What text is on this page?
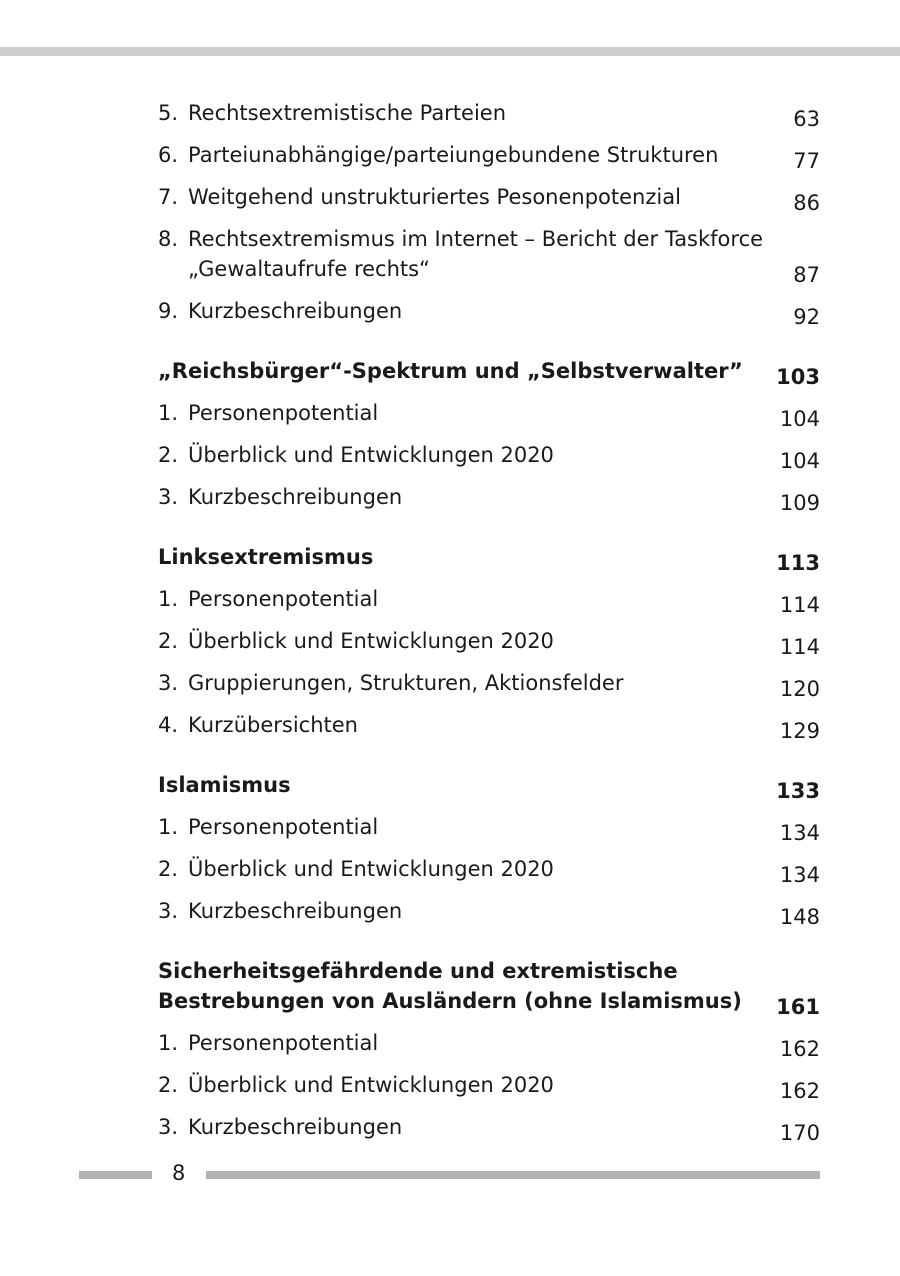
5. Rechtsextremistische Parteien	63
6. Parteiunabhängige/parteiungebundene Strukturen	77
7. Weitgehend unstrukturiertes Pesonenpotenzial	86
8. Rechtsextremismus im Internet – Bericht der Taskforce
„Gewaltaufrufe rechts“	87
9. Kurzbeschreibungen	92
„Reichsbürger“-Spektrum und „Selbstverwalter”	103
1. Personenpotential	104
2. Überblick und Entwicklungen 2020	104
3. Kurzbeschreibungen	109
Linksextremismus	113
1. Personenpotential	114
2. Überblick und Entwicklungen 2020	114
3. Gruppierungen, Strukturen, Aktionsfelder	120
4. Kurzübersichten	129
Islamismus	133
1. Personenpotential	134
2. Überblick und Entwicklungen 2020	134
3. Kurzbeschreibungen	148
Sicherheitsgefährdende und extremistische
Bestrebungen von Ausländern (ohne Islamismus)	161
1. Personenpotential	162
2. Überblick und Entwicklungen 2020	162
3. Kurzbeschreibungen	170
8
